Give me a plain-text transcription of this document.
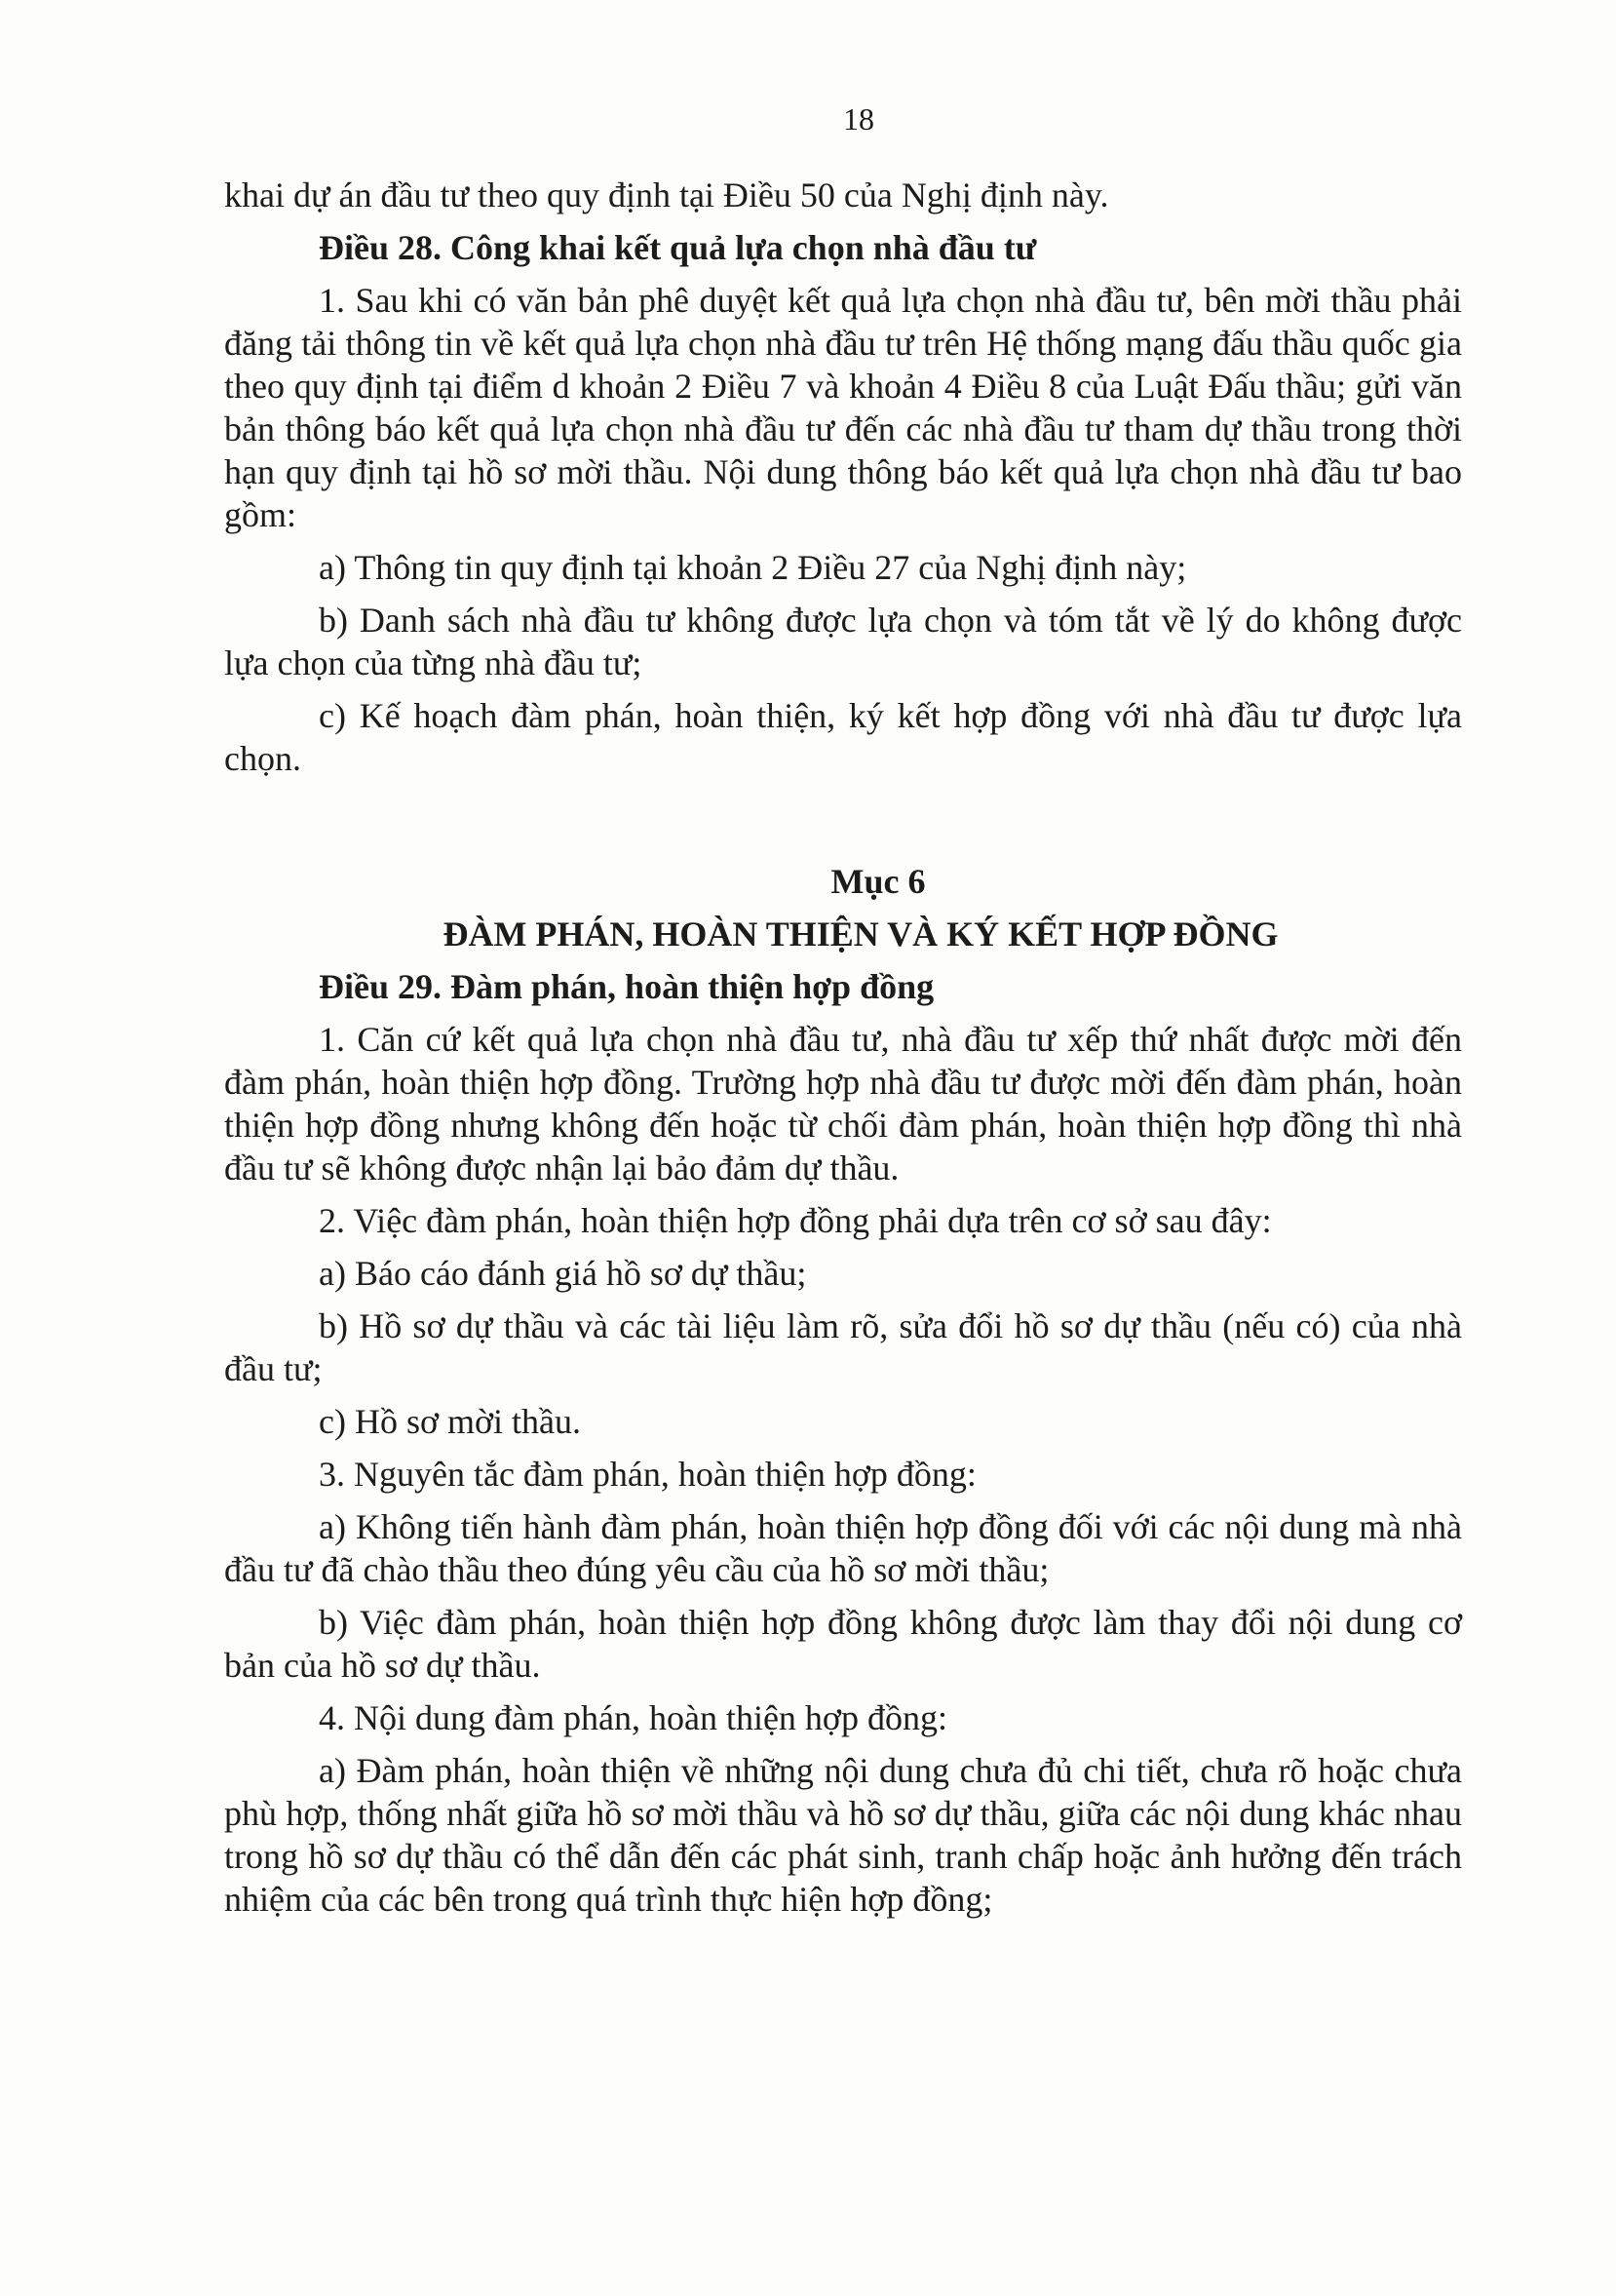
18

khai dự án đầu tư theo quy định tại Điều 50 của Nghị định này.

Điều 28. Công khai kết quả lựa chọn nhà đầu tư

1. Sau khi có văn bản phê duyệt kết quả lựa chọn nhà đầu tư, bên mời thầu phải đăng tải thông tin về kết quả lựa chọn nhà đầu tư trên Hệ thống mạng đấu thầu quốc gia theo quy định tại điểm d khoản 2 Điều 7 và khoản 4 Điều 8 của Luật Đấu thầu; gửi văn bản thông báo kết quả lựa chọn nhà đầu tư đến các nhà đầu tư tham dự thầu trong thời hạn quy định tại hồ sơ mời thầu. Nội dung thông báo kết quả lựa chọn nhà đầu tư bao gồm:

a) Thông tin quy định tại khoản 2 Điều 27 của Nghị định này;

b) Danh sách nhà đầu tư không được lựa chọn và tóm tắt về lý do không được lựa chọn của từng nhà đầu tư;

c) Kế hoạch đàm phán, hoàn thiện, ký kết hợp đồng với nhà đầu tư được lựa chọn.

Mục 6

ĐÀM PHÁN, HOÀN THIỆN VÀ KÝ KẾT HỢP ĐỒNG

Điều 29. Đàm phán, hoàn thiện hợp đồng

1. Căn cứ kết quả lựa chọn nhà đầu tư, nhà đầu tư xếp thứ nhất được mời đến đàm phán, hoàn thiện hợp đồng. Trường hợp nhà đầu tư được mời đến đàm phán, hoàn thiện hợp đồng nhưng không đến hoặc từ chối đàm phán, hoàn thiện hợp đồng thì nhà đầu tư sẽ không được nhận lại bảo đảm dự thầu.

2. Việc đàm phán, hoàn thiện hợp đồng phải dựa trên cơ sở sau đây:

a) Báo cáo đánh giá hồ sơ dự thầu;

b) Hồ sơ dự thầu và các tài liệu làm rõ, sửa đổi hồ sơ dự thầu (nếu có) của nhà đầu tư;

c) Hồ sơ mời thầu.

3. Nguyên tắc đàm phán, hoàn thiện hợp đồng:

a) Không tiến hành đàm phán, hoàn thiện hợp đồng đối với các nội dung mà nhà đầu tư đã chào thầu theo đúng yêu cầu của hồ sơ mời thầu;

b) Việc đàm phán, hoàn thiện hợp đồng không được làm thay đổi nội dung cơ bản của hồ sơ dự thầu.

4. Nội dung đàm phán, hoàn thiện hợp đồng:

a) Đàm phán, hoàn thiện về những nội dung chưa đủ chi tiết, chưa rõ hoặc chưa phù hợp, thống nhất giữa hồ sơ mời thầu và hồ sơ dự thầu, giữa các nội dung khác nhau trong hồ sơ dự thầu có thể dẫn đến các phát sinh, tranh chấp hoặc ảnh hưởng đến trách nhiệm của các bên trong quá trình thực hiện hợp đồng;
